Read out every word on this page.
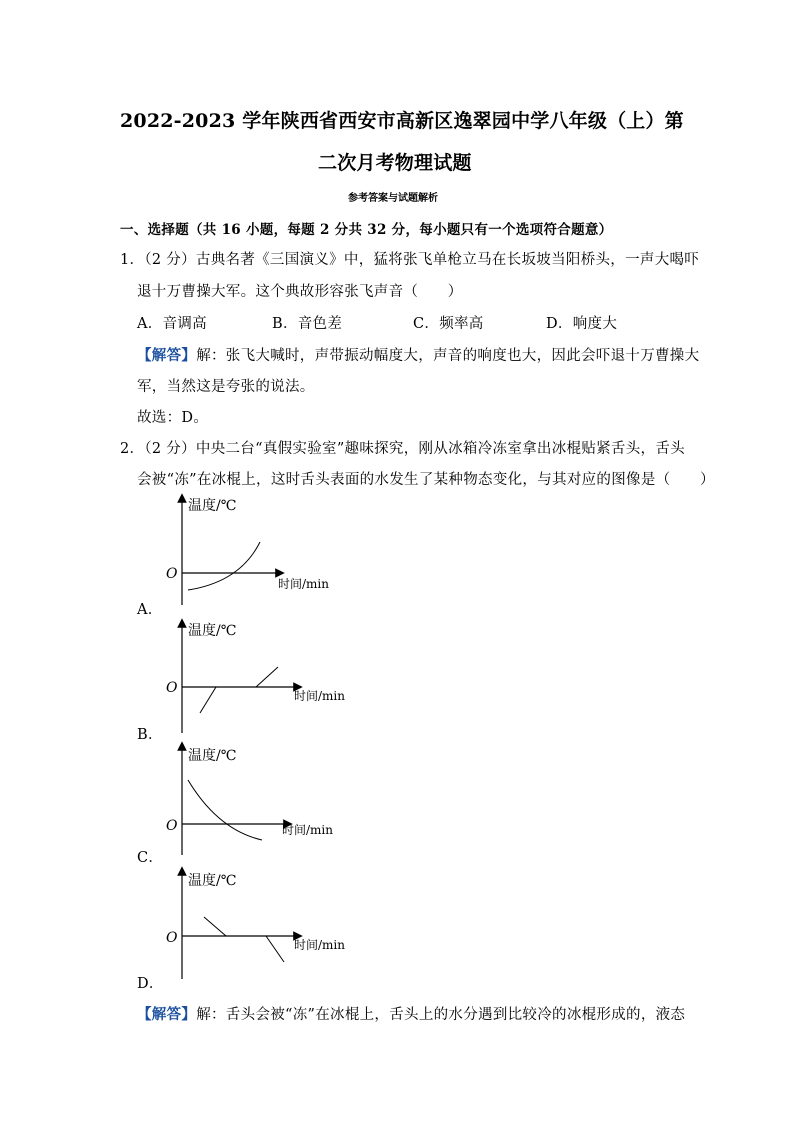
2022-2023 学年陕西省西安市高新区逸翠园中学八年级（上）第
二次月考物理试题
参考答案与试题解析
一、选择题（共 16 小题，每题 2 分共 32 分，每小题只有一个选项符合题意）
1．（2 分）古典名著《三国演义》中，猛将张飞单枪立马在长坂坡当阳桥头，一声大喝吓
退十万曹操大军。这个典故形容张飞声音（　　）
A．音调高	B．音色差	C．频率高	D．响度大
【解答】解：张飞大喊时，声带振动幅度大，声音的响度也大，因此会吓退十万曹操大
军，当然这是夸张的说法。
故选：D。
2．（2 分）中央二台“真假实验室”趣味探究，刚从冰箱冷冻室拿出冰棍贴紧舌头，舌头
会被“冻”在冰棍上，这时舌头表面的水发生了某种物态变化，与其对应的图像是（　　）
温度/℃
O
时间/min
A．
温度/℃
O	时间/min
B．
温度/℃
O	时间/min
C．
温度/℃
O	时间/min
D．
【解答】解：舌头会被“冻”在冰棍上，舌头上的水分遇到比较冷的冰棍形成的，液态
